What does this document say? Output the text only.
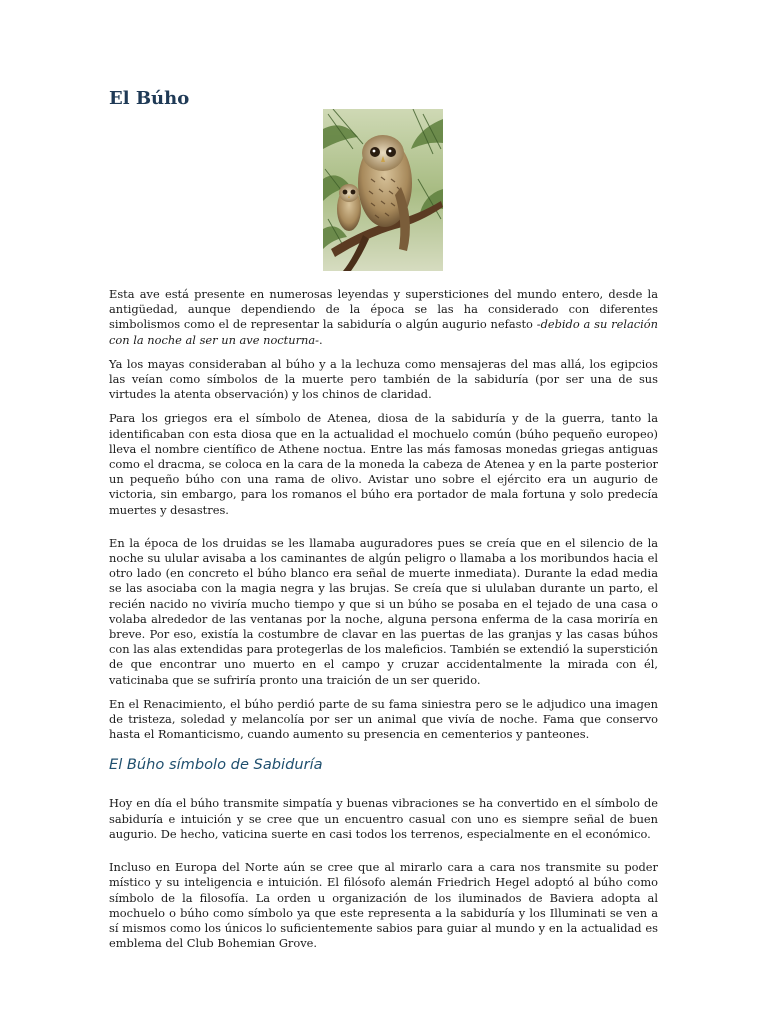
El Búho

Esta ave está presente en numerosas leyendas y supersticiones del mundo entero, desde la antigüedad, aunque dependiendo de la época se las ha considerado con diferentes simbolismos como el de representar la sabiduría o algún augurio nefasto -debido a su relación con la noche al ser un ave nocturna-.

Ya los mayas consideraban al búho y a la lechuza como mensajeras del mas allá, los egipcios las veían como símbolos de la muerte pero también de la sabiduría (por ser una de sus virtudes la atenta observación) y los chinos de claridad.

Para los griegos era el símbolo de Atenea, diosa de la sabiduría y de la guerra, tanto la identificaban con esta diosa que en la actualidad el mochuelo común (búho pequeño europeo) lleva el nombre científico de Athene noctua. Entre las más famosas monedas griegas antiguas como el dracma, se coloca en la cara de la moneda la cabeza de Atenea y en la parte posterior un pequeño búho con una rama de olivo. Avistar uno sobre el ejército era un augurio de victoria, sin embargo, para los romanos el búho era portador de mala fortuna y solo predecía muertes y desastres.

En la época de los druidas se les llamaba auguradores pues se creía que en el silencio de la noche su ulular avisaba a los caminantes de algún peligro o llamaba a los moribundos hacia el otro lado (en concreto el búho blanco era señal de muerte inmediata). Durante la edad media se las asociaba con la magia negra y las brujas. Se creía que si ululaban durante un parto, el recién nacido no viviría mucho tiempo y que si un búho se posaba en el tejado de una casa o volaba alrededor de las ventanas por la noche, alguna persona enferma de la casa moriría en breve. Por eso, existía la costumbre de clavar en las puertas de las granjas y las casas búhos con las alas extendidas para protegerlas de los maleficios. También se extendió la superstición de que encontrar uno muerto en el campo y cruzar accidentalmente la mirada con él, vaticinaba que se sufriría pronto una traición de un ser querido.

En el Renacimiento, el búho perdió parte de su fama siniestra pero se le adjudico una imagen de tristeza, soledad y melancolía por ser un animal que vivía de noche. Fama que conservo hasta el Romanticismo, cuando aumento su presencia en cementerios y panteones.

El Búho símbolo de Sabiduría

Hoy en día el búho transmite simpatía y buenas vibraciones se ha convertido en el símbolo de sabiduría e intuición y se cree que un encuentro casual con uno es siempre señal de buen augurio. De hecho, vaticina suerte en casi todos los terrenos, especialmente en el económico.

Incluso en Europa del Norte aún se cree que al mirarlo cara a cara nos transmite su poder místico y su inteligencia e intuición. El filósofo alemán Friedrich Hegel adoptó al búho como símbolo de la filosofía. La orden u organización de los iluminados de Baviera adopta al mochuelo o búho como símbolo ya que este representa a la sabiduría y los Illuminati se ven a sí mismos como los únicos lo suficientemente sabios para guiar al mundo y en la actualidad es emblema del Club Bohemian Grove.
